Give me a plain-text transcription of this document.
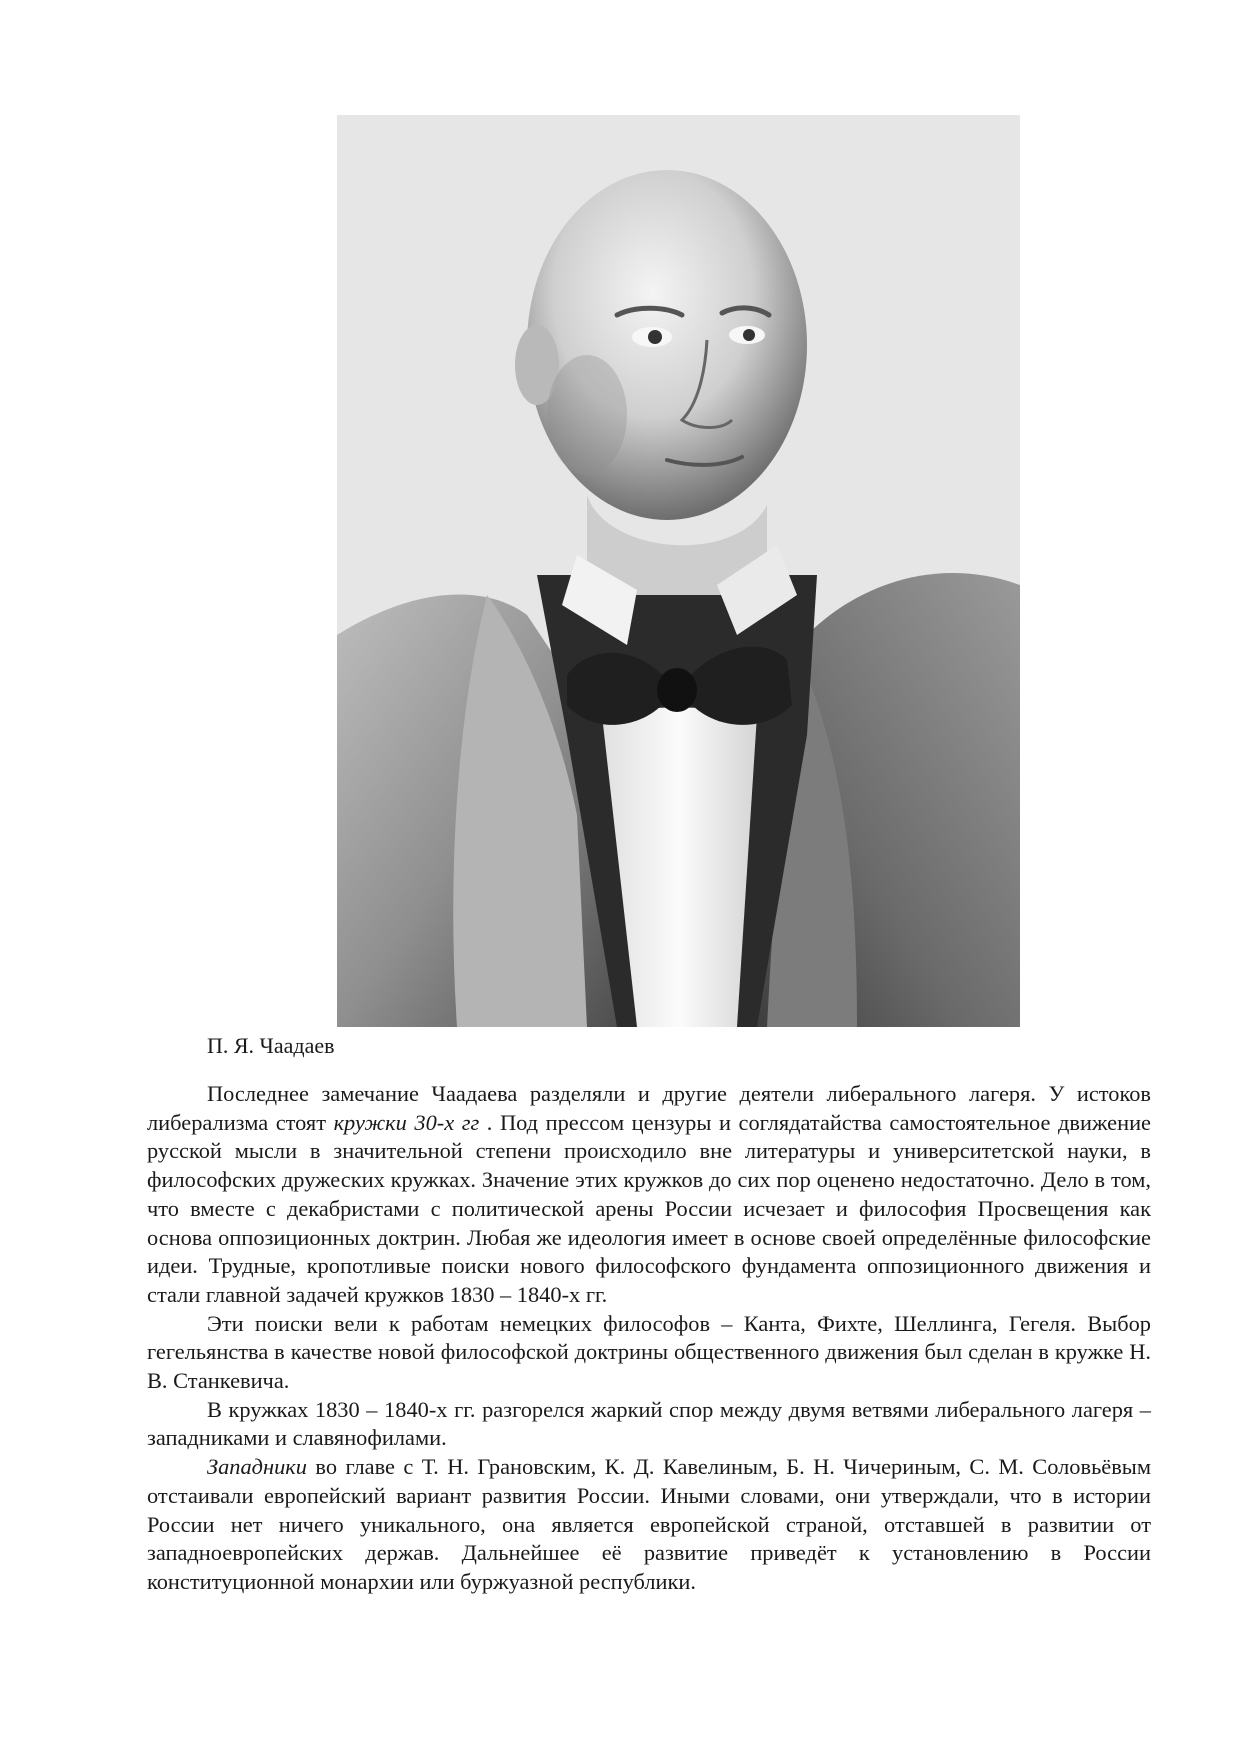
П. Я. Чаадаев

Последнее замечание Чаадаева разделяли и другие деятели либерального лагеря. У истоков либерализма стоят кружки 30-х гг . Под прессом цензуры и соглядатайства самостоятельное движение русской мысли в значительной степени происходило вне литературы и университетской науки, в философских дружеских кружках. Значение этих кружков до сих пор оценено недостаточно. Дело в том, что вместе с декабристами с политической арены России исчезает и философия Просвещения как основа оппозиционных доктрин. Любая же идеология имеет в основе своей определённые философские идеи. Трудные, кропотливые поиски нового философского фундамента оппозиционного движения и стали главной задачей кружков 1830 – 1840-х гг.

Эти поиски вели к работам немецких философов – Канта, Фихте, Шеллинга, Гегеля. Выбор гегельянства в качестве новой философской доктрины общественного движения был сделан в кружке Н. В. Станкевича.

В кружках 1830 – 1840-х гг. разгорелся жаркий спор между двумя ветвями либерального лагеря – западниками и славянофилами.

Западники во главе с Т. Н. Грановским, К. Д. Кавелиным, Б. Н. Чичериным, С. М. Соловьёвым отстаивали европейский вариант развития России. Иными словами, они утверждали, что в истории России нет ничего уникального, она является европейской страной, отставшей в развитии от западноевропейских держав. Дальнейшее её развитие приведёт к установлению в России конституционной монархии или буржуазной республики.
